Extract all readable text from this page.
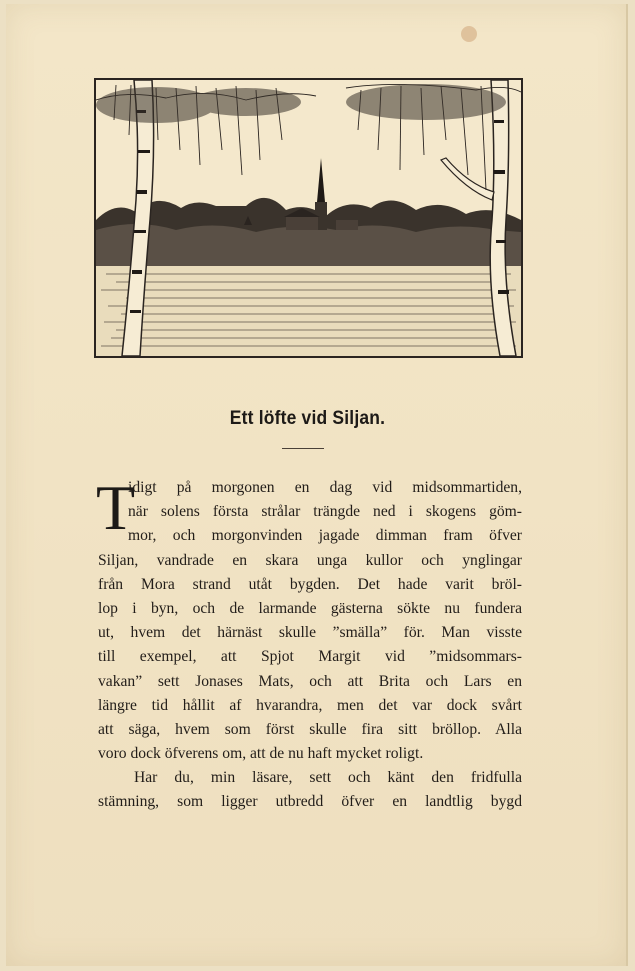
Ett löfte vid Siljan.
T
idigt på morgonen en dag vid midsommartiden,
när solens första strålar trängde ned i skogens göm-
mor, och morgonvinden jagade dimman fram öfver
Siljan, vandrade en skara unga kullor och ynglingar
från Mora strand utåt bygden. Det hade varit bröl-
lop i byn, och de larmande gästerna sökte nu fundera
ut, hvem det härnäst skulle ”smälla” för. Man visste
till exempel, att Spjot Margit vid ”midsommars-
vakan” sett Jonases Mats, och att Brita och Lars en
längre tid hållit af hvarandra, men det var dock svårt
att säga, hvem som först skulle fira sitt bröllop. Alla
voro dock öfverens om, att de nu haft mycket roligt.
Har du, min läsare, sett och känt den fridfulla
stämning, som ligger utbredd öfver en landtlig bygd
